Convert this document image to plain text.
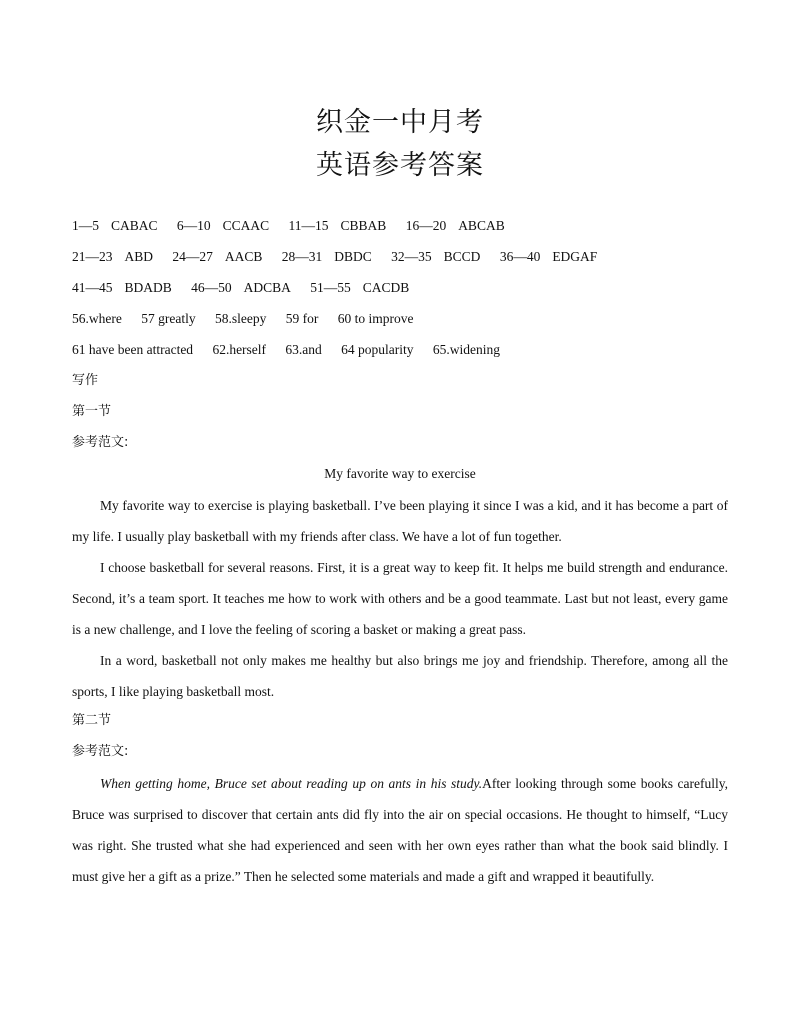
织金一中月考
英语参考答案
1—5 CABAC 6—10 CCAAC 11—15 CBBAB 16—20 ABCAB
21—23 ABD 24—27 AACB 28—31 DBDC 32—35 BCCD 36—40 EDGAF
41—45 BDADB 46—50 ADCBA 51—55 CACDB
56.where 57 greatly 58.sleepy 59 for 60 to improve
61 have been attracted 62.herself 63.and 64 popularity 65.widening
写作
第一节
参考范文:
My favorite way to exercise

My favorite way to exercise is playing basketball. I’ve been playing it since I was a kid, and it has become a part of my life. I usually play basketball with my friends after class. We have a lot of fun together.

I choose basketball for several reasons. First, it is a great way to keep fit. It helps me build strength and endurance. Second, it’s a team sport. It teaches me how to work with others and be a good teammate. Last but not least, every game is a new challenge, and I love the feeling of scoring a basket or making a great pass.

In a word, basketball not only makes me healthy but also brings me joy and friendship. Therefore, among all the sports, I like playing basketball most.

第二节
参考范文:

When getting home, Bruce set about reading up on ants in his study.After looking through some books carefully, Bruce was surprised to discover that certain ants did fly into the air on special occasions. He thought to himself, “Lucy was right. She trusted what she had experienced and seen with her own eyes rather than what the book said blindly. I must give her a gift as a prize.” Then he selected some materials and made a gift and wrapped it beautifully.
